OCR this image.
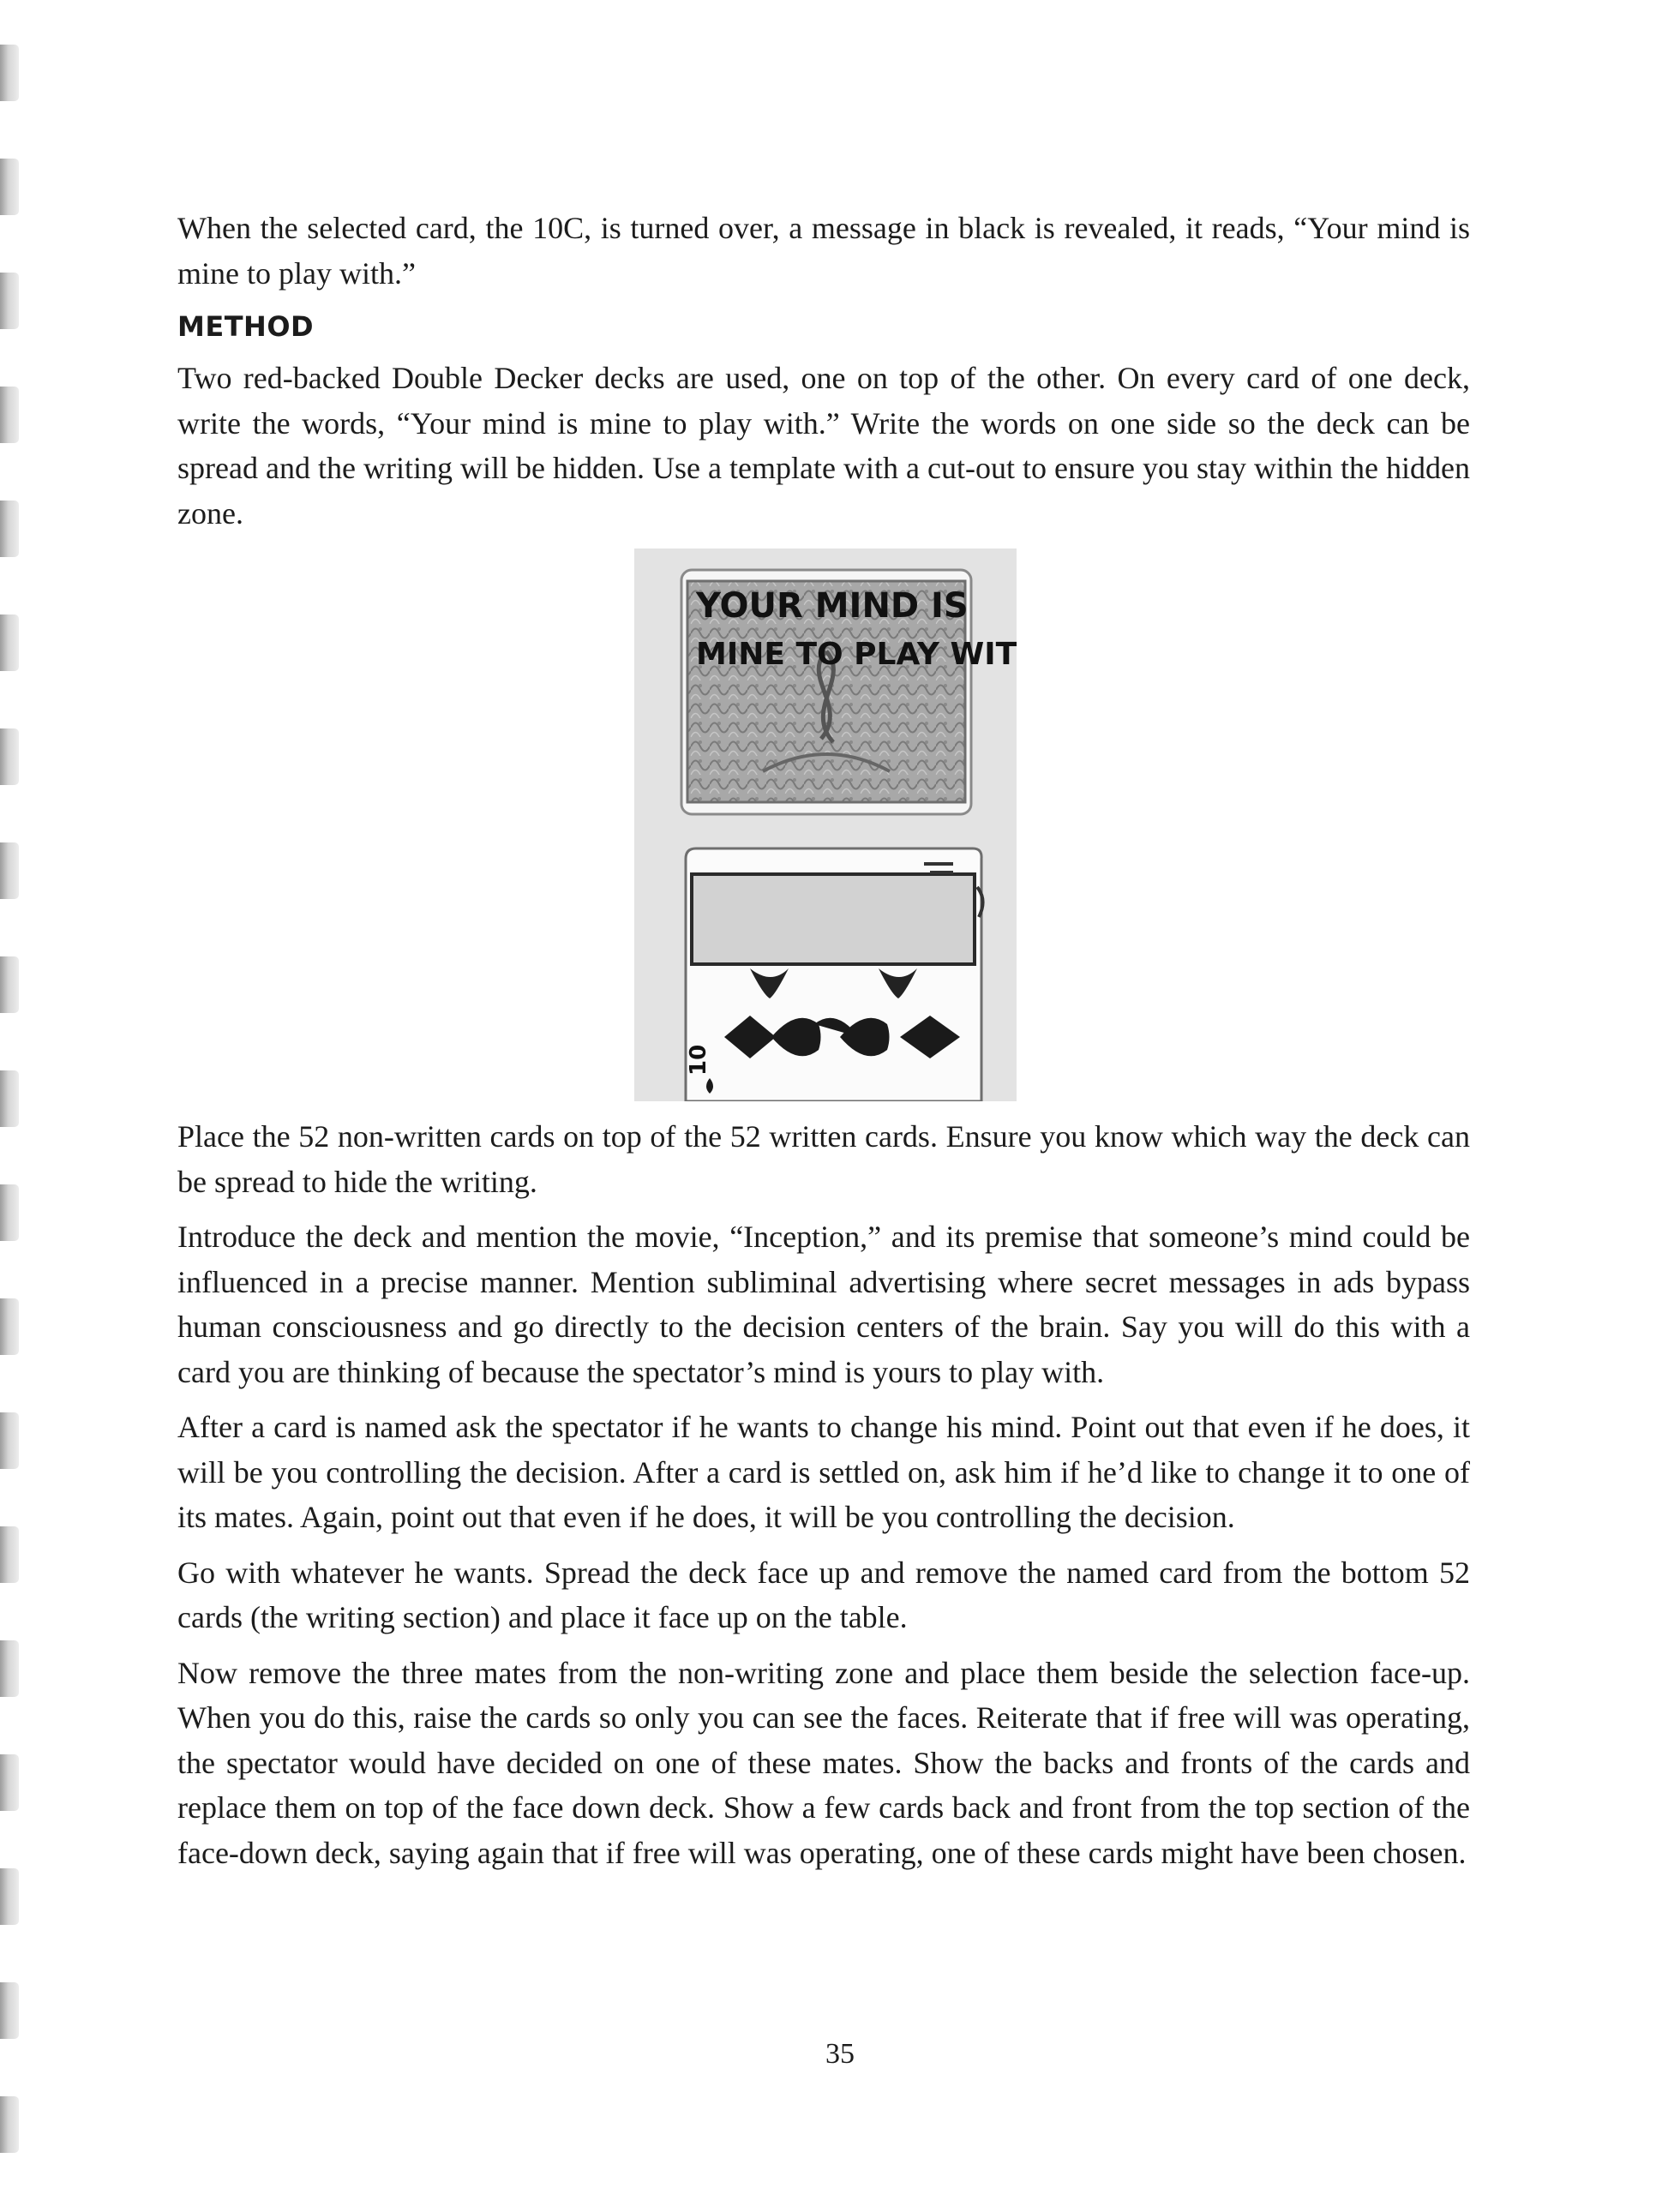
When the selected card, the 10C, is turned over, a message in black is revealed, it reads, “Your mind is mine to play with.”

METHOD

Two red-backed Double Decker decks are used, one on top of the other. On every card of one deck, write the words, “Your mind is mine to play with.” Write the words on one side so the deck can be spread and the writing will be hidden. Use a template with a cut-out to ensure you stay within the hidden zone.

YOUR MIND IS
MINE TO PLAY WITH
10

Place the 52 non-written cards on top of the 52 written cards. Ensure you know which way the deck can be spread to hide the writing.

Introduce the deck and mention the movie, “Inception,” and its premise that someone’s mind could be influenced in a precise manner. Mention subliminal advertising where secret messages in ads bypass human consciousness and go directly to the decision centers of the brain. Say you will do this with a card you are thinking of because the spectator’s mind is yours to play with.

After a card is named ask the spectator if he wants to change his mind. Point out that even if he does, it will be you controlling the decision. After a card is settled on, ask him if he’d like to change it to one of its mates. Again, point out that even if he does, it will be you controlling the decision.

Go with whatever he wants. Spread the deck face up and remove the named card from the bottom 52 cards (the writing section) and place it face up on the table.

Now remove the three mates from the non-writing zone and place them beside the selection face-up. When you do this, raise the cards so only you can see the faces. Reiterate that if free will was operating, the spectator would have decided on one of these mates. Show the backs and fronts of the cards and replace them on top of the face down deck. Show a few cards back and front from the top section of the face-down deck, saying again that if free will was operating, one of these cards might have been chosen.

35
